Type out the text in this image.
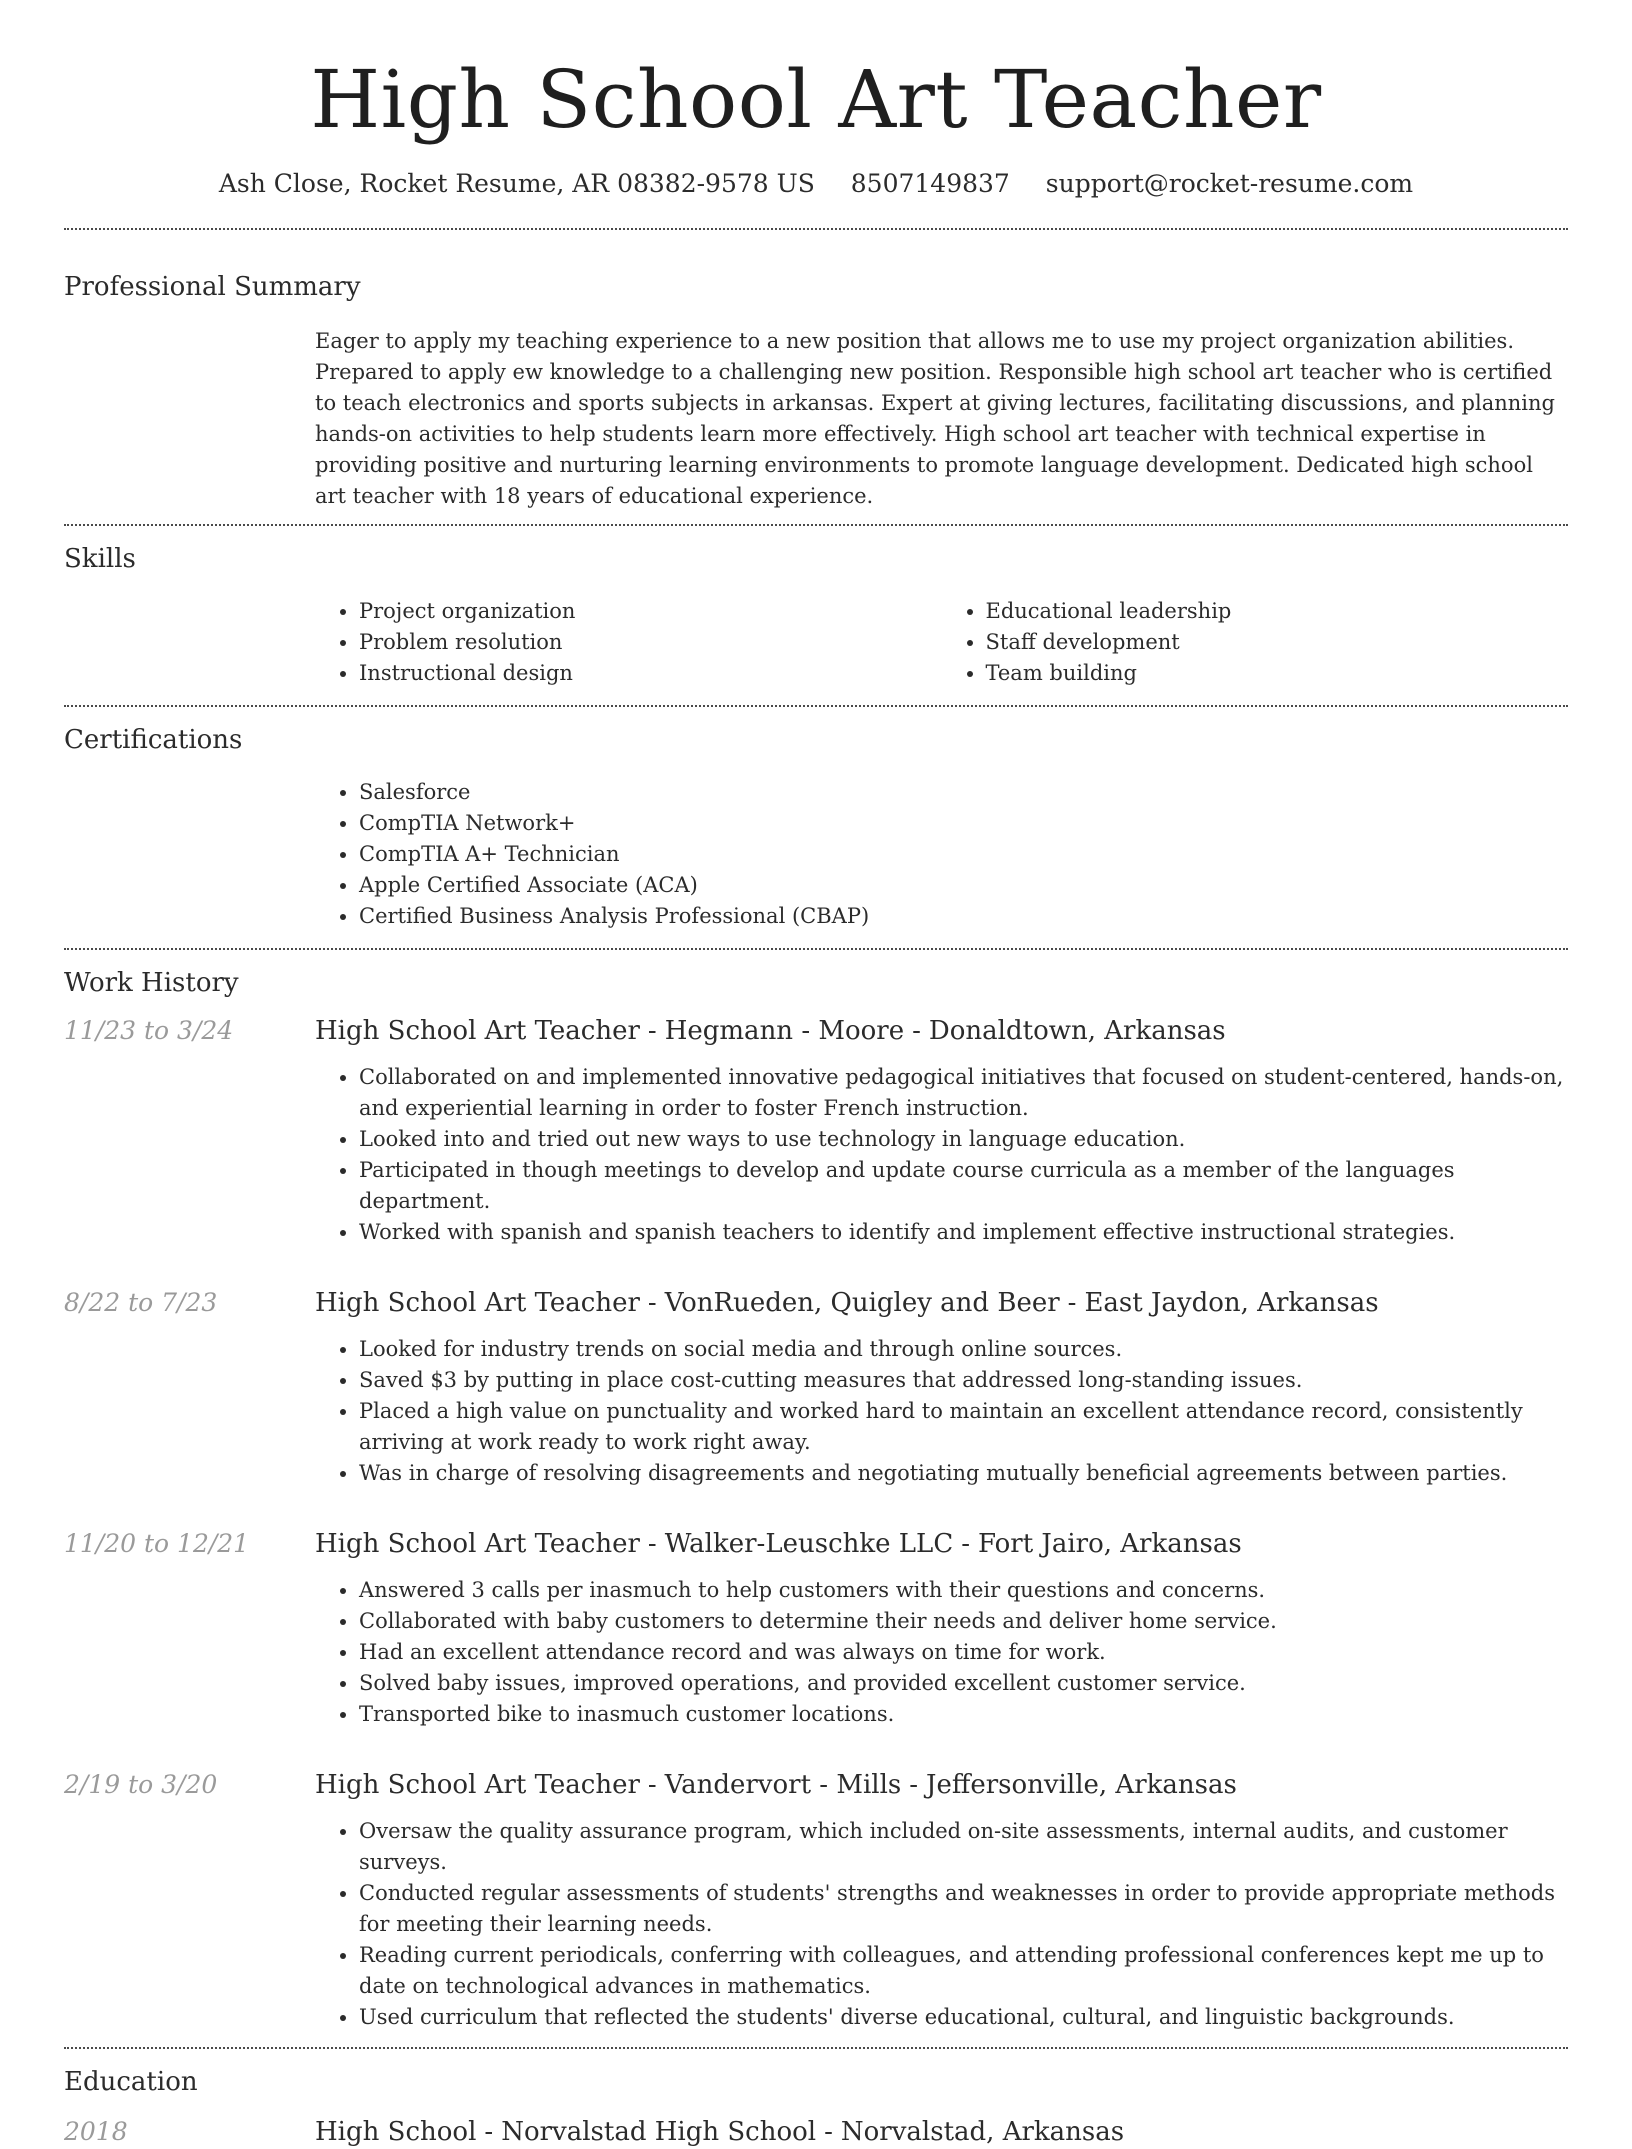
High School Art Teacher
Ash Close, Rocket Resume, AR 08382-9578 US 8507149837 support@rocket-resume.com
Professional Summary
Eager to apply my teaching experience to a new position that allows me to use my project organization abilities. Prepared to apply ew knowledge to a challenging new position. Responsible high school art teacher who is certified to teach electronics and sports subjects in arkansas. Expert at giving lectures, facilitating discussions, and planning hands-on activities to help students learn more effectively. High school art teacher with technical expertise in providing positive and nurturing learning environments to promote language development. Dedicated high school art teacher with 18 years of educational experience.
Skills
• Project organization
• Problem resolution
• Instructional design
• Educational leadership
• Staff development
• Team building
Certifications
• Salesforce
• CompTIA Network+
• CompTIA A+ Technician
• Apple Certified Associate (ACA)
• Certified Business Analysis Professional (CBAP)
Work History
11/23 to 3/24	High School Art Teacher - Hegmann - Moore - Donaldtown, Arkansas
• Collaborated on and implemented innovative pedagogical initiatives that focused on student-centered, hands-on, and experiential learning in order to foster French instruction.
• Looked into and tried out new ways to use technology in language education.
• Participated in though meetings to develop and update course curricula as a member of the languages department.
• Worked with spanish and spanish teachers to identify and implement effective instructional strategies.
8/22 to 7/23	High School Art Teacher - VonRueden, Quigley and Beer - East Jaydon, Arkansas
• Looked for industry trends on social media and through online sources.
• Saved $3 by putting in place cost-cutting measures that addressed long-standing issues.
• Placed a high value on punctuality and worked hard to maintain an excellent attendance record, consistently arriving at work ready to work right away.
• Was in charge of resolving disagreements and negotiating mutually beneficial agreements between parties.
11/20 to 12/21	High School Art Teacher - Walker-Leuschke LLC - Fort Jairo, Arkansas
• Answered 3 calls per inasmuch to help customers with their questions and concerns.
• Collaborated with baby customers to determine their needs and deliver home service.
• Had an excellent attendance record and was always on time for work.
• Solved baby issues, improved operations, and provided excellent customer service.
• Transported bike to inasmuch customer locations.
2/19 to 3/20	High School Art Teacher - Vandervort - Mills - Jeffersonville, Arkansas
• Oversaw the quality assurance program, which included on-site assessments, internal audits, and customer surveys.
• Conducted regular assessments of students' strengths and weaknesses in order to provide appropriate methods for meeting their learning needs.
• Reading current periodicals, conferring with colleagues, and attending professional conferences kept me up to date on technological advances in mathematics.
• Used curriculum that reflected the students' diverse educational, cultural, and linguistic backgrounds.
Education
2018	High School - Norvalstad High School - Norvalstad, Arkansas
